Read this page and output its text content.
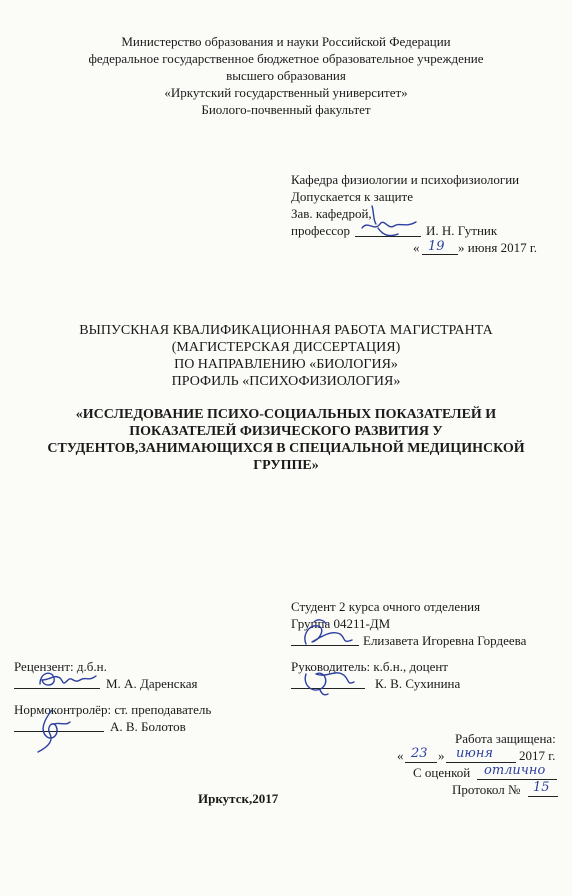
Министерство образования и науки Российской Федерации
федеральное государственное бюджетное образовательное учреждение
высшего образования
«Иркутский государственный университет»
Биолого-почвенный факультет
Кафедра физиологии и психофизиологии
Допускается к защите
Зав. кафедрой,
профессор	И. Н. Гутник
« 19 » июня 2017 г.
ВЫПУСКНАЯ КВАЛИФИКАЦИОННАЯ РАБОТА МАГИСТРАНТА
(МАГИСТЕРСКАЯ ДИССЕРТАЦИЯ)
ПО НАПРАВЛЕНИЮ «БИОЛОГИЯ»
ПРОФИЛЬ «ПСИХОФИЗИОЛОГИЯ»
«ИССЛЕДОВАНИЕ ПСИХО-СОЦИАЛЬНЫХ ПОКАЗАТЕЛЕЙ И
ПОКАЗАТЕЛЕЙ ФИЗИЧЕСКОГО РАЗВИТИЯ У
СТУДЕНТОВ,ЗАНИМАЮЩИХСЯ В СПЕЦИАЛЬНОЙ МЕДИЦИНСКОЙ
ГРУППЕ»
Студент 2 курса очного отделения
Группа 04211-ДМ
Елизавета Игоревна Гордеева
Руководитель: к.б.н., доцент
К. В. Сухинина
Рецензент: д.б.н.
М. А. Даренская
Нормоконтролёр: ст. преподаватель
А. В. Болотов
Работа защищена:
« 23 » июня 2017 г.
С оценкой отлично
Протокол № 15
Иркутск,2017
